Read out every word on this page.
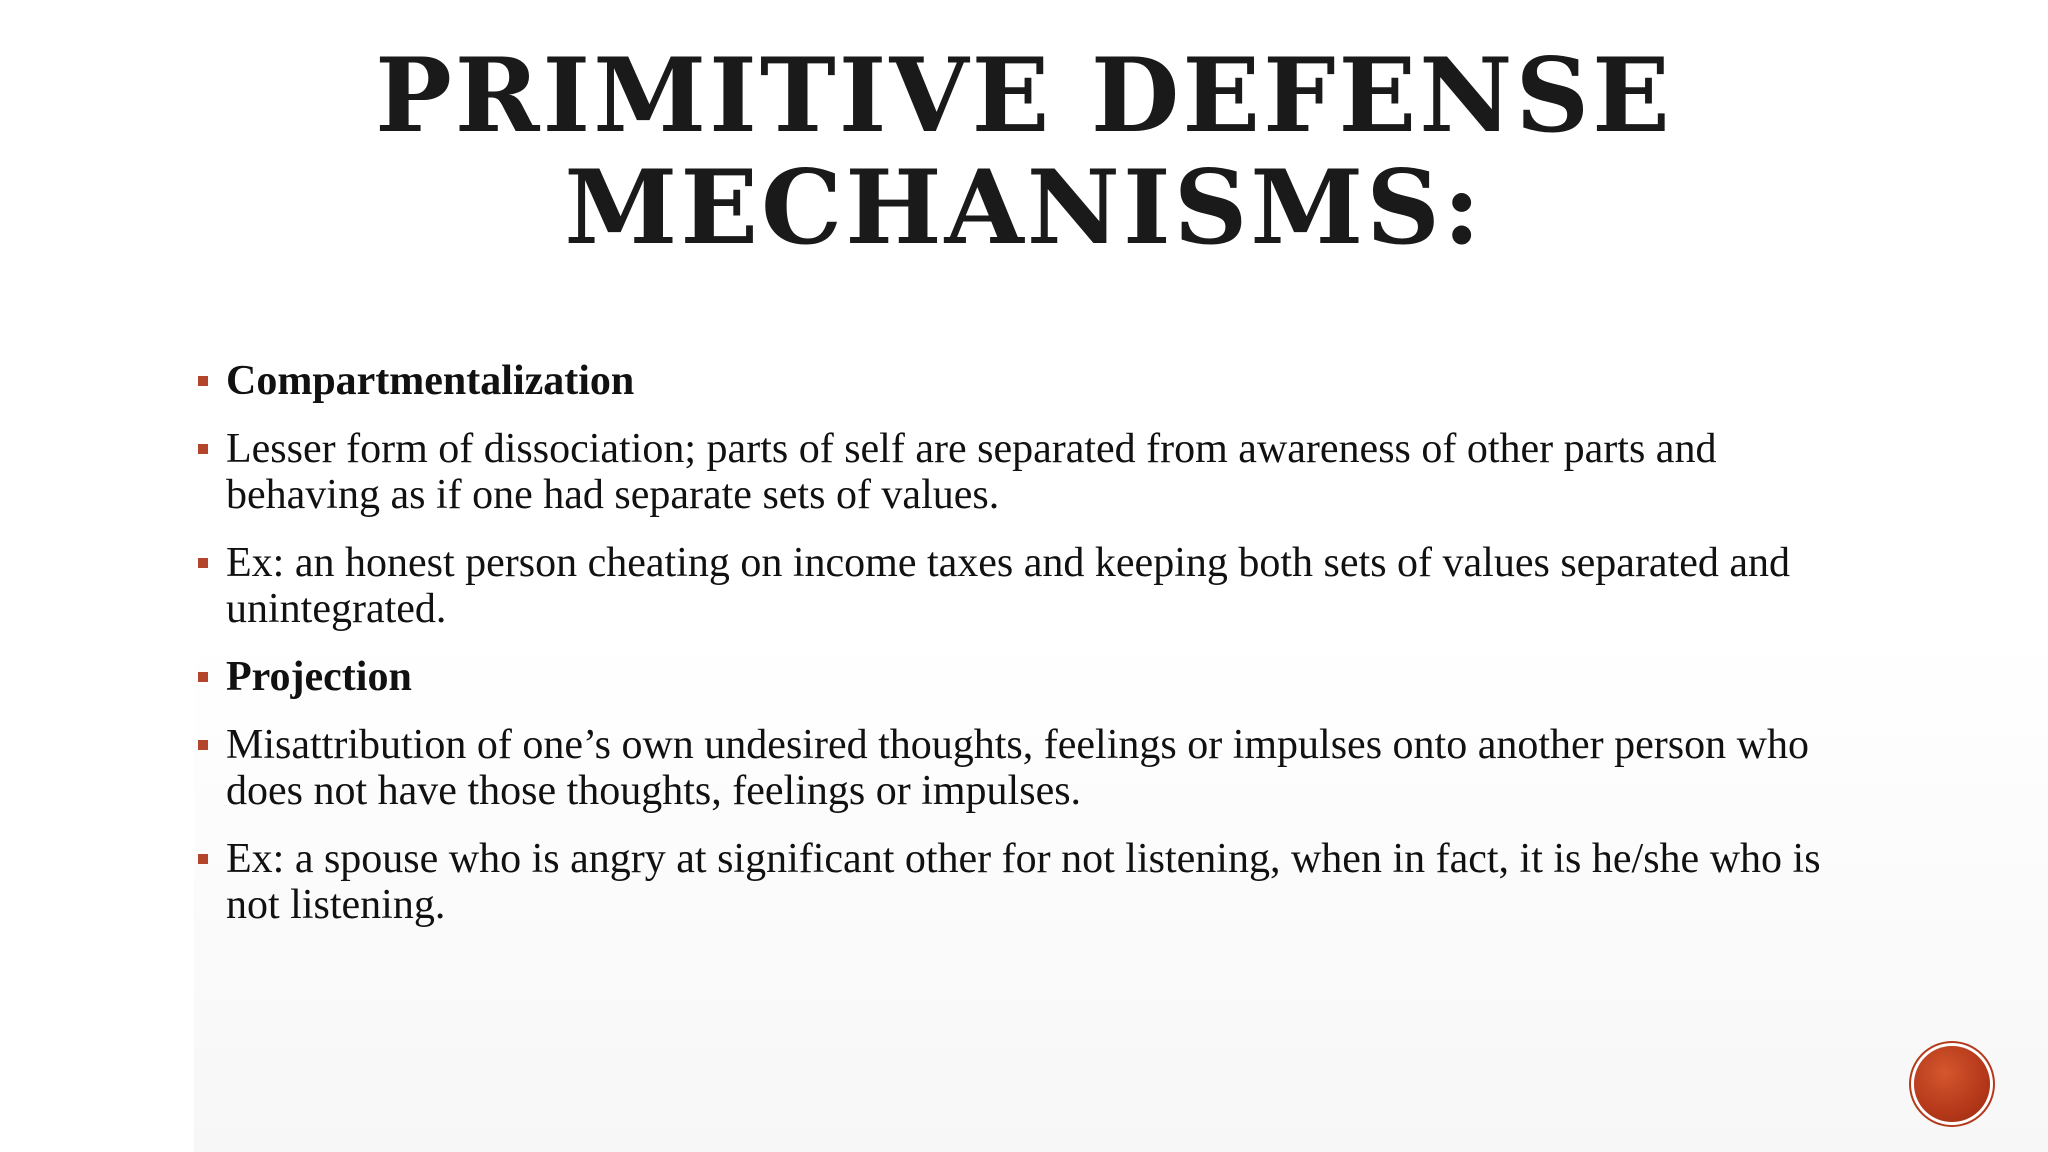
PRIMITIVE DEFENSE
MECHANISMS:
Compartmentalization
Lesser form of dissociation; parts of self are separated from awareness of other parts and behaving as if one had separate sets of values.
Ex: an honest person cheating on income taxes and keeping both sets of values separated and unintegrated.
Projection
Misattribution of one’s own undesired thoughts, feelings or impulses onto another person who does not have those thoughts, feelings or impulses.
Ex: a spouse who is angry at significant other for not listening, when in fact, it is he/she who is not listening.
